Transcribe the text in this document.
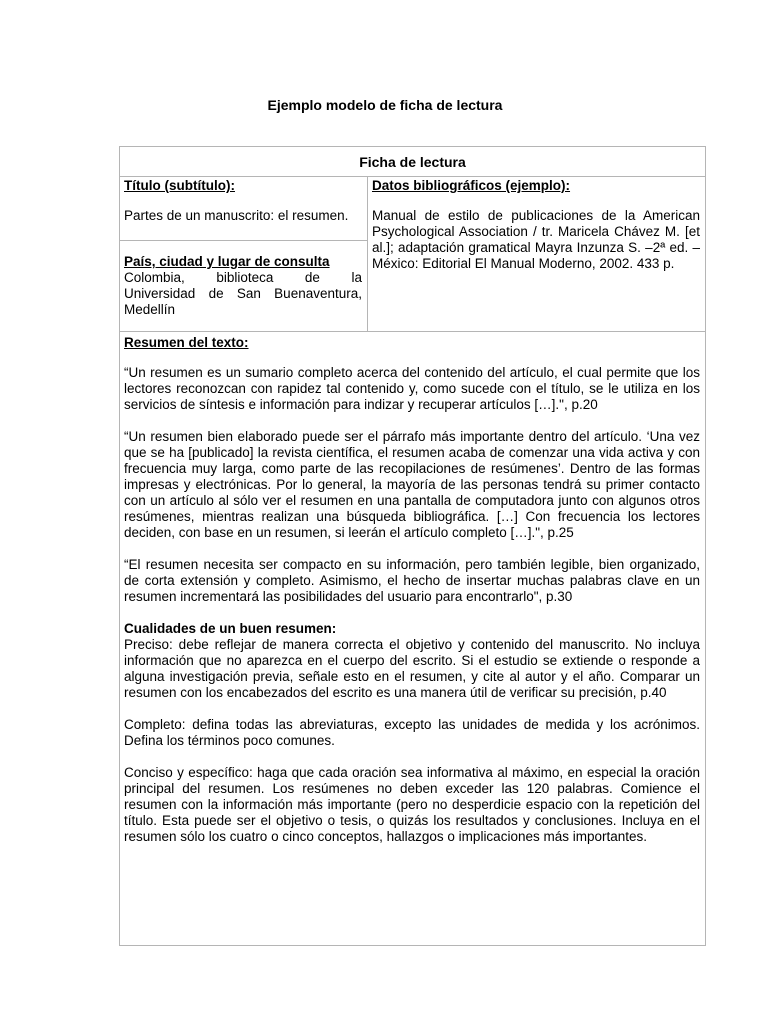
Ejemplo modelo de ficha de lectura
Ficha de lectura
Título (subtítulo):
Partes de un manuscrito: el resumen.
País, ciudad y lugar de consulta
Colombia,      biblioteca      de      la
Universidad de San Buenaventura, Medellín
Datos bibliográficos (ejemplo):
Manual de estilo de publicaciones de la American Psychological Association / tr. Maricela Chávez M. [et al.]; adaptación gramatical Mayra Inzunza S. –2ª ed. – México: Editorial El Manual Moderno, 2002. 433 p.
Resumen del texto:

“Un resumen es un sumario completo acerca del contenido del artículo, el cual permite que los lectores reconozcan con rapidez tal contenido y, como sucede con el título, se le utiliza en los servicios de síntesis e información para indizar y recuperar artículos […].", p.20

“Un resumen bien elaborado puede ser el párrafo más importante dentro del artículo. ‘Una vez que se ha [publicado] la revista científica, el resumen acaba de comenzar una vida activa y con frecuencia muy larga, como parte de las recopilaciones de resúmenes’. Dentro de las formas impresas y electrónicas. Por lo general, la mayoría de las personas tendrá su primer contacto con un artículo al sólo ver el resumen en una pantalla de computadora junto con algunos otros resúmenes, mientras realizan una búsqueda bibliográfica. […] Con frecuencia los lectores deciden, con base en un resumen, si leerán el artículo completo […].", p.25

“El resumen necesita ser compacto en su información, pero también legible, bien organizado, de corta extensión y completo. Asimismo, el hecho de insertar muchas palabras clave en un resumen incrementará las posibilidades del usuario para encontrarlo", p.30

Cualidades de un buen resumen:

Preciso: debe reflejar de manera correcta el objetivo y contenido del manuscrito. No incluya información que no aparezca en el cuerpo del escrito. Si el estudio se extiende o responde a alguna investigación previa, señale esto en el resumen, y cite al autor y el año. Comparar un resumen con los encabezados del escrito es una manera útil de verificar su precisión, p.40

Completo: defina todas las abreviaturas, excepto las unidades de medida y los acrónimos. Defina los términos poco comunes.

Conciso y específico: haga que cada oración sea informativa al máximo, en especial la oración principal del resumen. Los resúmenes no deben exceder las 120 palabras. Comience el resumen con la información más importante (pero no desperdicie espacio con la repetición del título. Esta puede ser el objetivo o tesis, o quizás los resultados y conclusiones. Incluya en el resumen sólo los cuatro o cinco conceptos, hallazgos o implicaciones más importantes.
